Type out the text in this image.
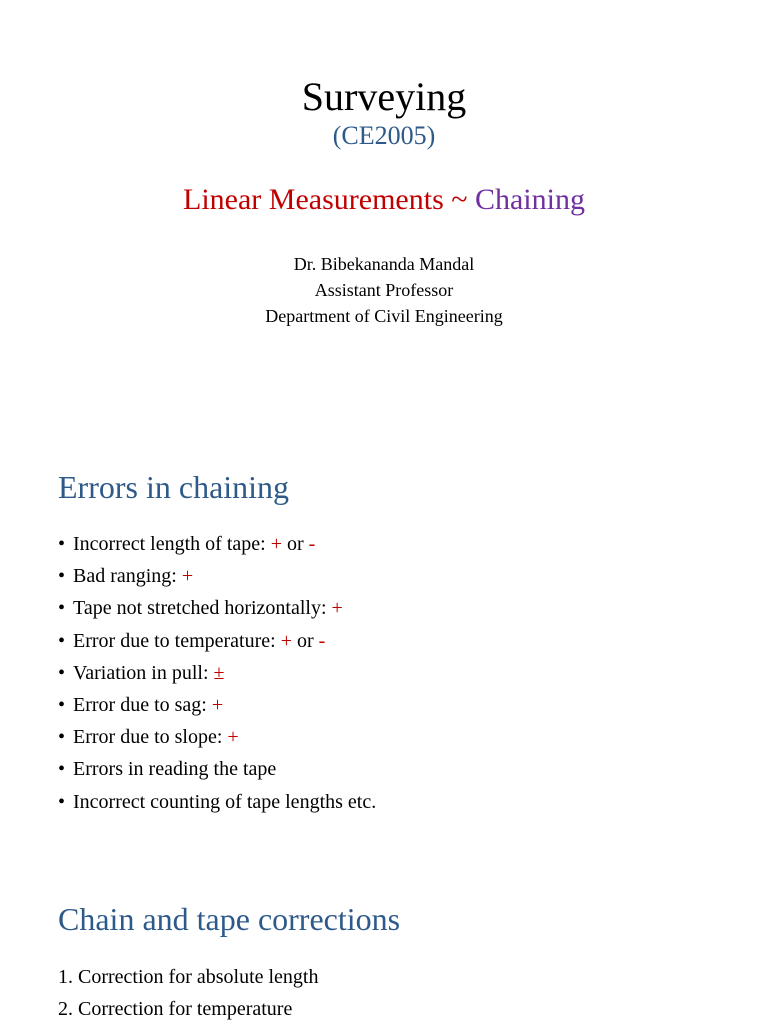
Surveying
(CE2005)
Linear Measurements ~ Chaining
Dr. Bibekananda Mandal
Assistant Professor
Department of Civil Engineering
Errors in chaining
• Incorrect length of tape: + or -
• Bad ranging: +
• Tape not stretched horizontally: +
• Error due to temperature: + or -
• Variation in pull: ±
• Error due to sag: +
• Error due to slope: +
• Errors in reading the tape
• Incorrect counting of tape lengths etc.
Chain and tape corrections
1. Correction for absolute length
2. Correction for temperature
